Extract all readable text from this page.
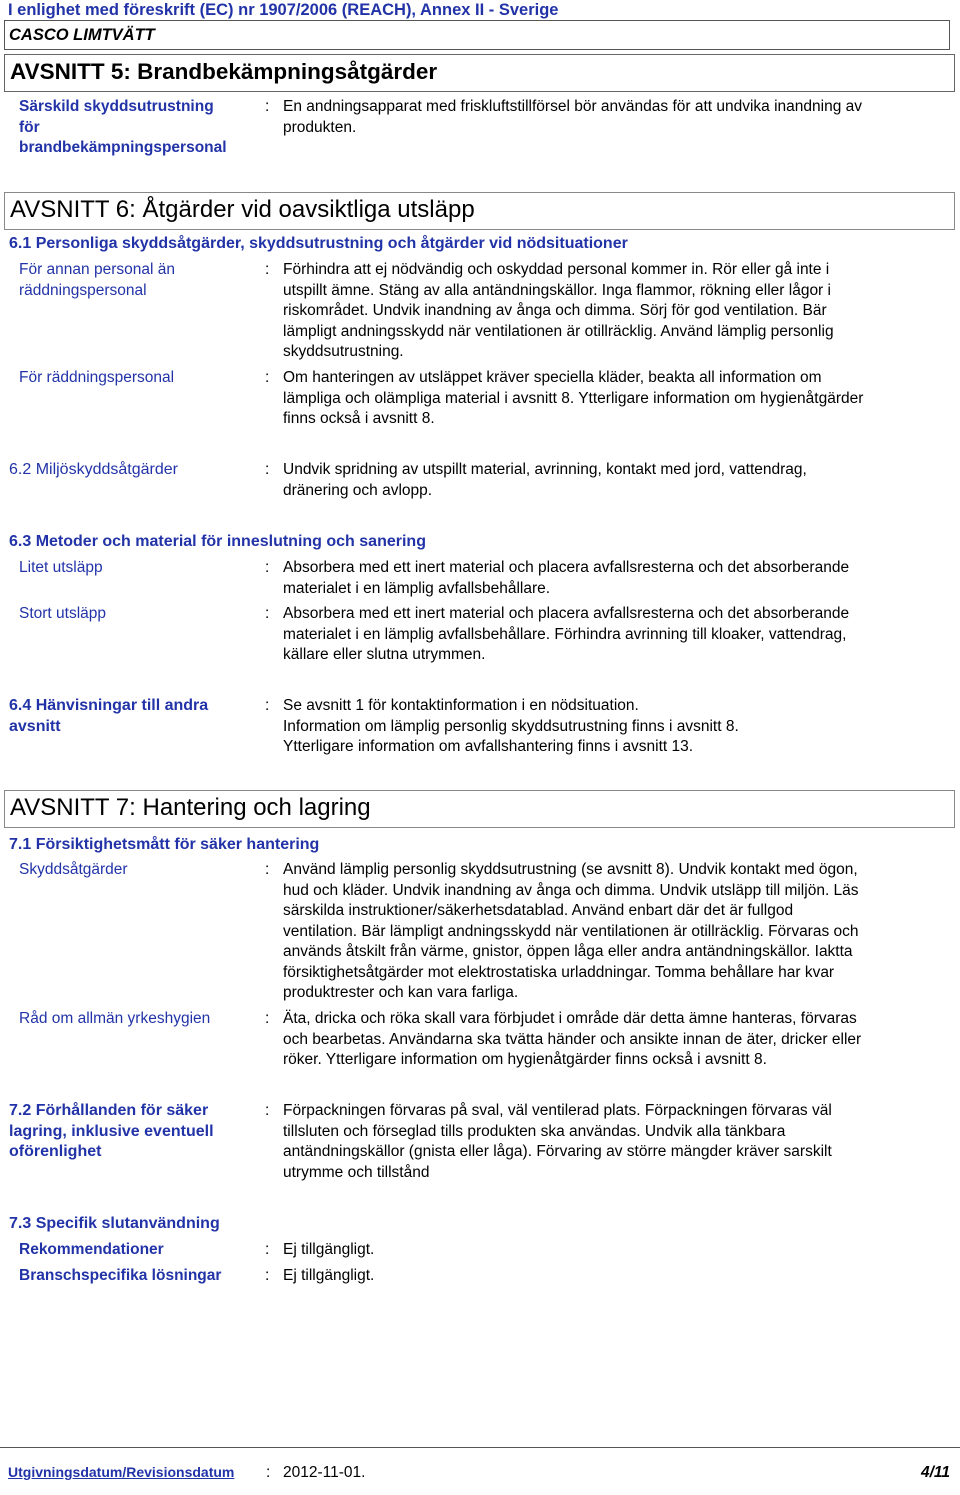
I enlighet med föreskrift (EC) nr 1907/2006 (REACH), Annex II - Sverige
CASCO LIMTVÄTT
AVSNITT 5: Brandbekämpningsåtgärder
Särskild skyddsutrustning
för
brandbekämpningspersonal
: En andningsapparat med friskluftstillförsel bör användas för att undvika inandning av
produkten.
AVSNITT 6: Åtgärder vid oavsiktliga utsläpp
6.1 Personliga skyddsåtgärder, skyddsutrustning och åtgärder vid nödsituationer
För annan personal än
räddningspersonal
: Förhindra att ej nödvändig och oskyddad personal kommer in. Rör eller gå inte i
utspillt ämne. Stäng av alla antändningskällor. Inga flammor, rökning eller lågor i
riskområdet. Undvik inandning av ånga och dimma. Sörj för god ventilation. Bär
lämpligt andningsskydd när ventilationen är otillräcklig. Använd lämplig personlig
skyddsutrustning.
För räddningspersonal	: Om hanteringen av utsläppet kräver speciella kläder, beakta all information om
lämpliga och olämpliga material i avsnitt 8. Ytterligare information om hygienåtgärder
finns också i avsnitt 8.
6.2 Miljöskyddsåtgärder	: Undvik spridning av utspillt material, avrinning, kontakt med jord, vattendrag,
dränering och avlopp.
6.3 Metoder och material för inneslutning och sanering
Litet utsläpp	: Absorbera med ett inert material och placera avfallsresterna och det absorberande
materialet i en lämplig avfallsbehållare.
Stort utsläpp	: Absorbera med ett inert material och placera avfallsresterna och det absorberande
materialet i en lämplig avfallsbehållare. Förhindra avrinning till kloaker, vattendrag,
källare eller slutna utrymmen.
6.4 Hänvisningar till andra
avsnitt
: Se avsnitt 1 för kontaktinformation i en nödsituation.
Information om lämplig personlig skyddsutrustning finns i avsnitt 8.
Ytterligare information om avfallshantering finns i avsnitt 13.
AVSNITT 7: Hantering och lagring
7.1 Försiktighetsmått för säker hantering
Skyddsåtgärder	: Använd lämplig personlig skyddsutrustning (se avsnitt 8). Undvik kontakt med ögon,
hud och kläder. Undvik inandning av ånga och dimma. Undvik utsläpp till miljön. Läs
särskilda instruktioner/säkerhetsdatablad. Använd enbart där det är fullgod
ventilation. Bär lämpligt andningsskydd när ventilationen är otillräcklig. Förvaras och
används åtskilt från värme, gnistor, öppen låga eller andra antändningskällor. Iaktta
försiktighetsåtgärder mot elektrostatiska urladdningar. Tomma behållare har kvar
produktrester och kan vara farliga.
Råd om allmän yrkeshygien	: Äta, dricka och röka skall vara förbjudet i område där detta ämne hanteras, förvaras
och bearbetas. Användarna ska tvätta händer och ansikte innan de äter, dricker eller
röker. Ytterligare information om hygienåtgärder finns också i avsnitt 8.
7.2 Förhållanden för säker
lagring, inklusive eventuell
oförenlighet
: Förpackningen förvaras på sval, väl ventilerad plats. Förpackningen förvaras väl
tillsluten och förseglad tills produkten ska användas. Undvik alla tänkbara
antändningskällor (gnista eller låga). Förvaring av större mängder kräver sarskilt
utrymme och tillstånd
7.3 Specifik slutanvändning
Rekommendationer	: Ej tillgängligt.
Branschspecifika lösningar	: Ej tillgängligt.
Utgivningsdatum/Revisionsdatum : 2012-11-01.	4/11
